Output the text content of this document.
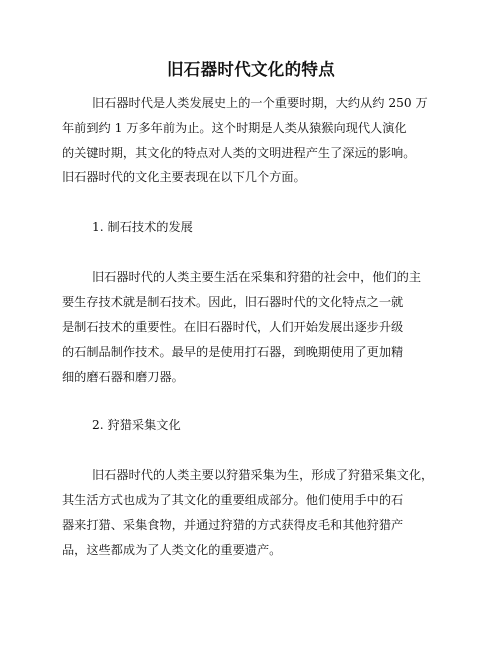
旧石器时代文化的特点
旧石器时代是人类发展史上的一个重要时期，大约从约 250 万
年前到约 1 万多年前为止。这个时期是人类从猿猴向现代人演化
的关键时期，其文化的特点对人类的文明进程产生了深远的影响。
旧石器时代的文化主要表现在以下几个方面。
1. 制石技术的发展
旧石器时代的人类主要生活在采集和狩猎的社会中，他们的主
要生存技术就是制石技术。因此，旧石器时代的文化特点之一就
是制石技术的重要性。在旧石器时代，人们开始发展出逐步升级
的石制品制作技术。最早的是使用打石器，到晚期使用了更加精
细的磨石器和磨刀器。
2. 狩猎采集文化
旧石器时代的人类主要以狩猎采集为生，形成了狩猎采集文化，
其生活方式也成为了其文化的重要组成部分。他们使用手中的石
器来打猎、采集食物，并通过狩猎的方式获得皮毛和其他狩猎产
品，这些都成为了人类文化的重要遗产。
